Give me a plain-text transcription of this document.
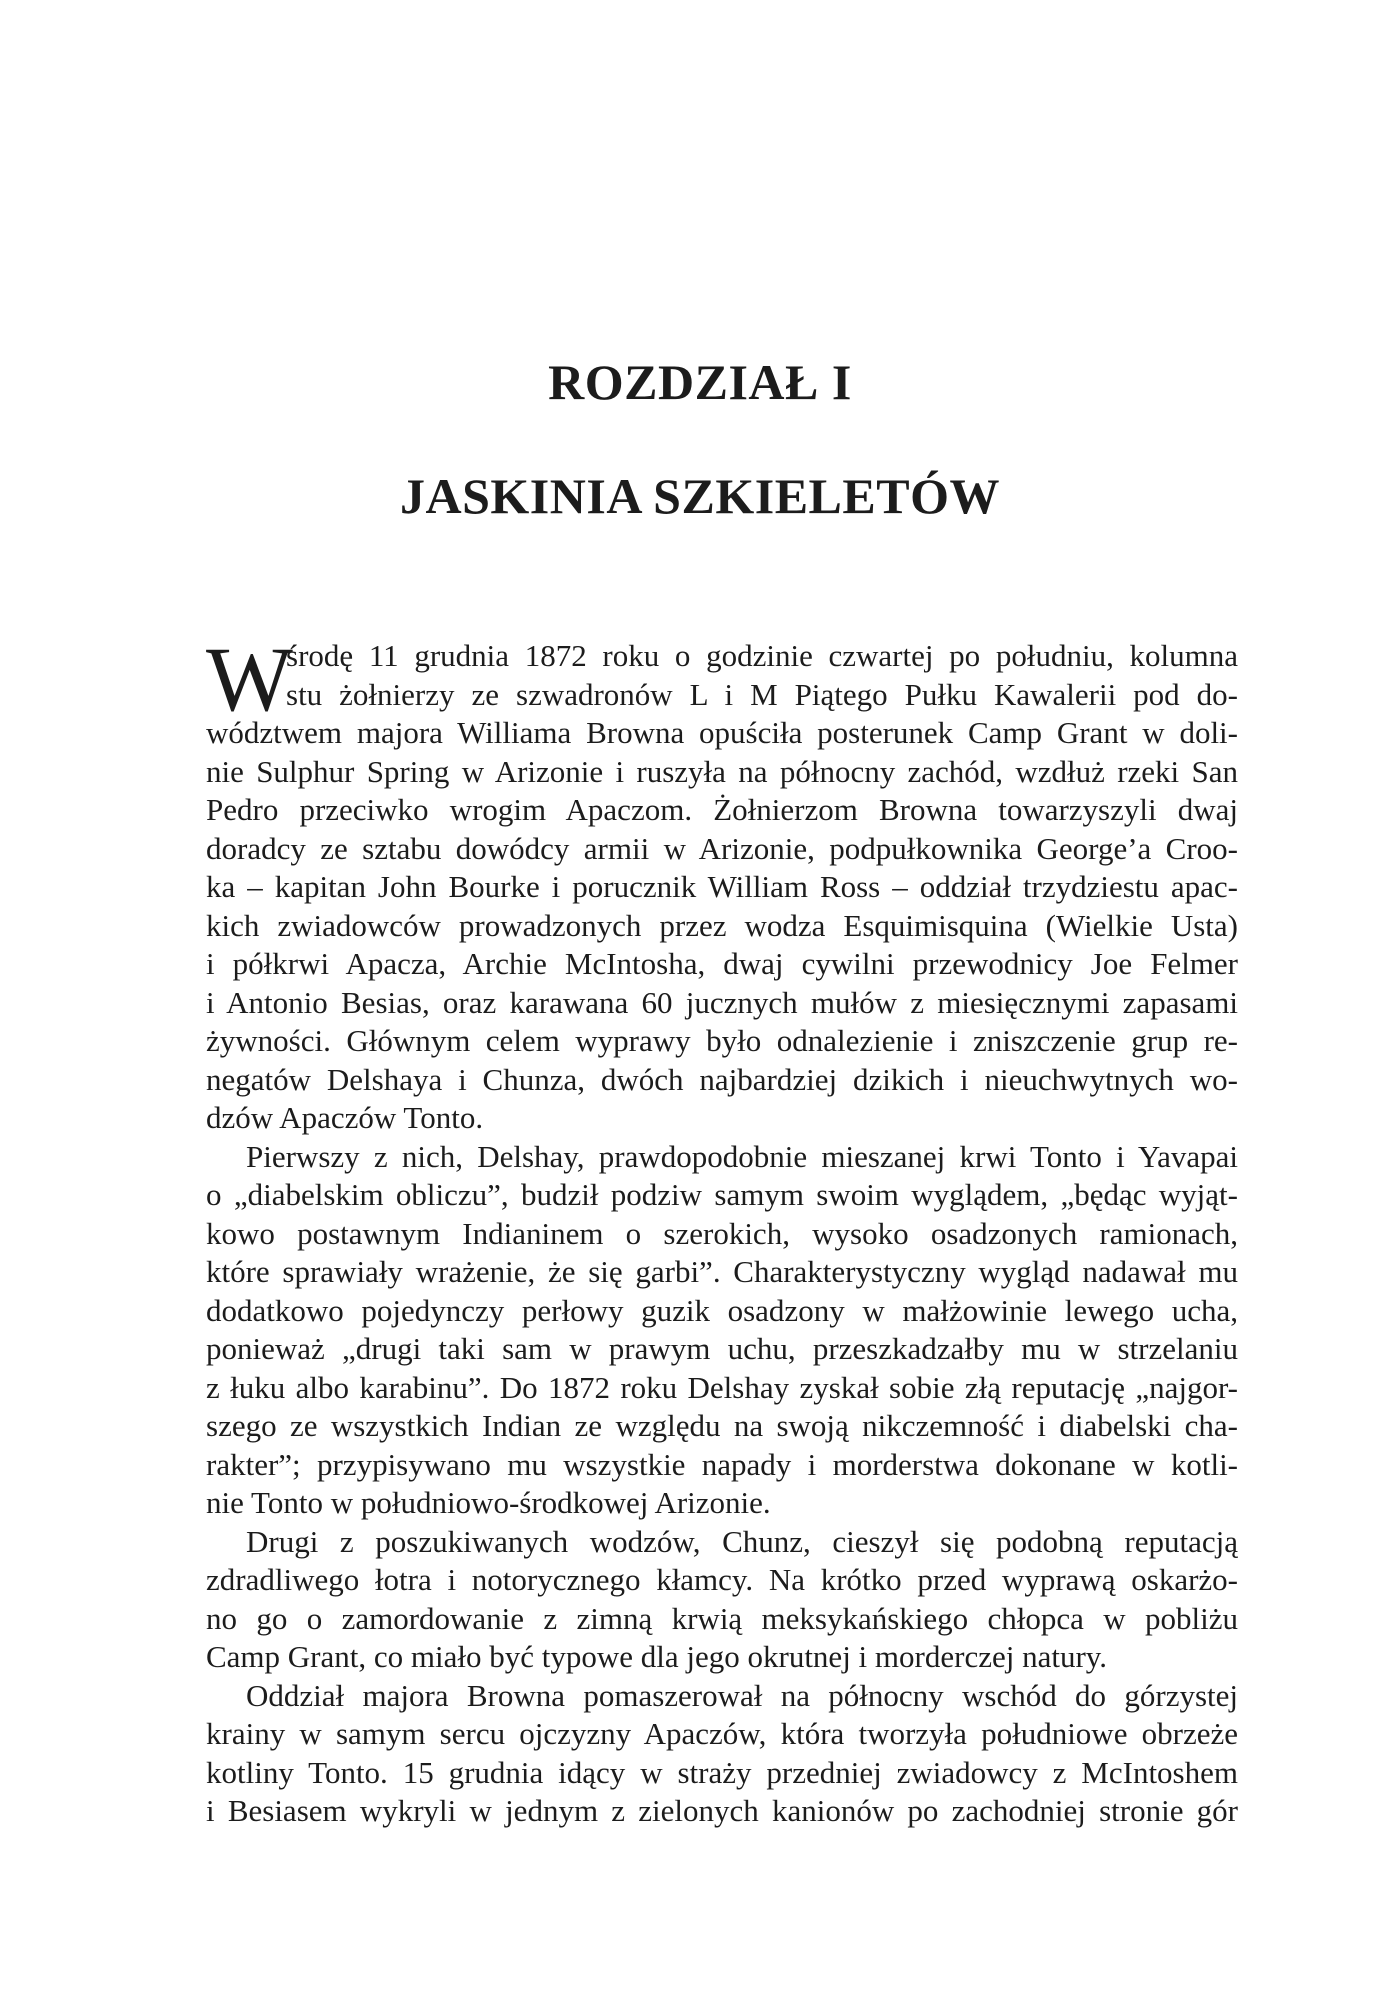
ROZDZIAŁ I
JASKINIA SZKIELETÓW
W
środę 11 grudnia 1872 roku o godzinie czwartej po południu, kolumna
stu żołnierzy ze szwadronów L i M Piątego Pułku Kawalerii pod do-
wództwem majora Williama Browna opuściła posterunek Camp Grant w doli-
nie Sulphur Spring w Arizonie i ruszyła na północny zachód, wzdłuż rzeki San
Pedro przeciwko wrogim Apaczom. Żołnierzom Browna towarzyszyli dwaj
doradcy ze sztabu dowódcy armii w Arizonie, podpułkownika George’a Croo-
ka – kapitan John Bourke i porucznik William Ross – oddział trzydziestu apac-
kich zwiadowców prowadzonych przez wodza Esquimisquina (Wielkie Usta)
i półkrwi Apacza, Archie McIntosha, dwaj cywilni przewodnicy Joe Felmer
i Antonio Besias, oraz karawana 60 jucznych mułów z miesięcznymi zapasami
żywności. Głównym celem wyprawy było odnalezienie i zniszczenie grup re-
negatów Delshaya i Chunza, dwóch najbardziej dzikich i nieuchwytnych wo-
dzów Apaczów Tonto.
Pierwszy z nich, Delshay, prawdopodobnie mieszanej krwi Tonto i Yavapai
o „diabelskim obliczu”, budził podziw samym swoim wyglądem, „będąc wyjąt-
kowo postawnym Indianinem o szerokich, wysoko osadzonych ramionach,
które sprawiały wrażenie, że się garbi”. Charakterystyczny wygląd nadawał mu
dodatkowo pojedynczy perłowy guzik osadzony w małżowinie lewego ucha,
ponieważ „drugi taki sam w prawym uchu, przeszkadzałby mu w strzelaniu
z łuku albo karabinu”. Do 1872 roku Delshay zyskał sobie złą reputację „najgor-
szego ze wszystkich Indian ze względu na swoją nikczemność i diabelski cha-
rakter”; przypisywano mu wszystkie napady i morderstwa dokonane w kotli-
nie Tonto w południowo-środkowej Arizonie.
Drugi z poszukiwanych wodzów, Chunz, cieszył się podobną reputacją
zdradliwego łotra i notorycznego kłamcy. Na krótko przed wyprawą oskarżo-
no go o zamordowanie z zimną krwią meksykańskiego chłopca w pobliżu
Camp Grant, co miało być typowe dla jego okrutnej i morderczej natury.
Oddział majora Browna pomaszerował na północny wschód do górzystej
krainy w samym sercu ojczyzny Apaczów, która tworzyła południowe obrzeże
kotliny Tonto. 15 grudnia idący w straży przedniej zwiadowcy z McIntoshem
i Besiasem wykryli w jednym z zielonych kanionów po zachodniej stronie gór
